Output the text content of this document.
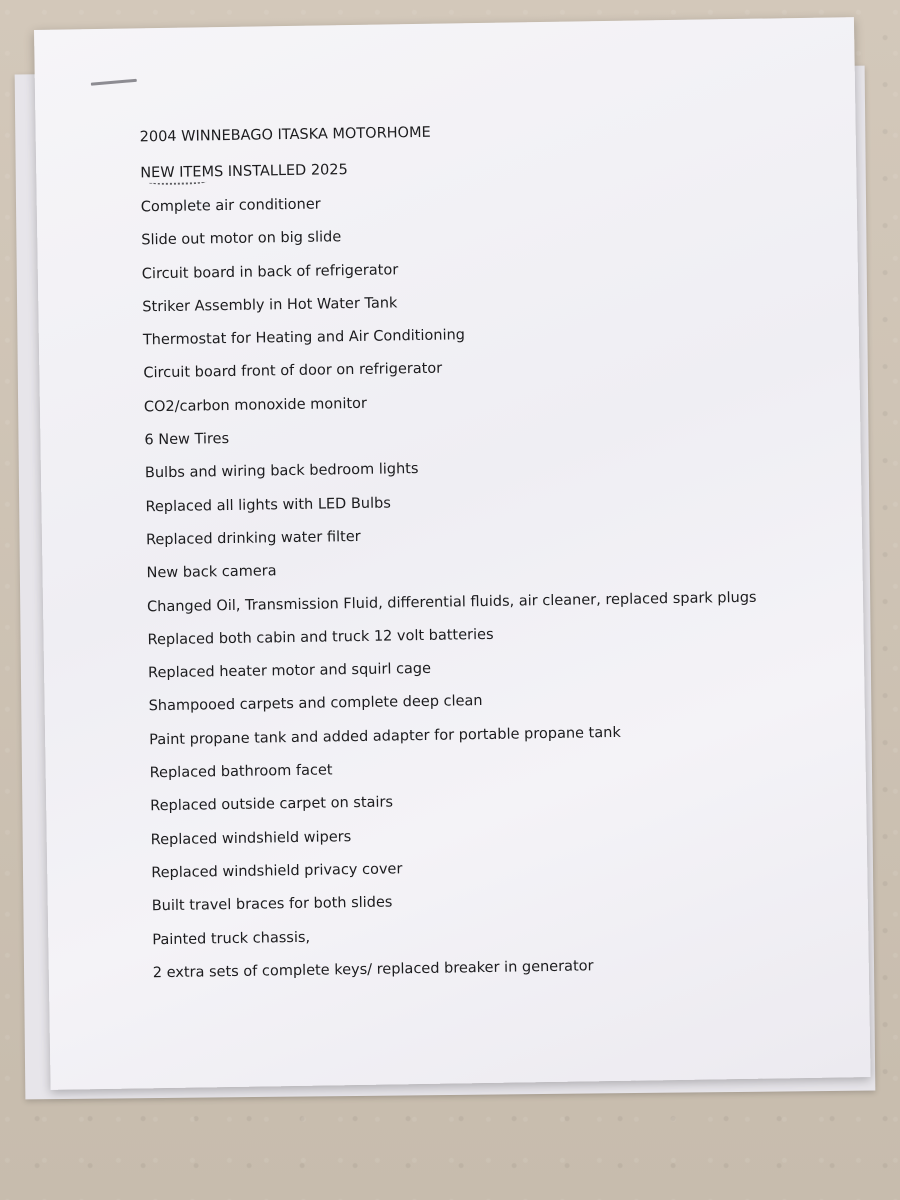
2004 WINNEBAGO ITASKA MOTORHOME

NEW ITEMS INSTALLED 2025

Complete air conditioner
Slide out motor on big slide
Circuit board in back of refrigerator
Striker Assembly in Hot Water Tank
Thermostat for Heating and Air Conditioning
Circuit board front of door on refrigerator
CO2/carbon monoxide monitor
6 New Tires
Bulbs and wiring back bedroom lights
Replaced all lights with LED Bulbs
Replaced drinking water filter
New back camera
Changed Oil, Transmission Fluid, differential fluids, air cleaner, replaced spark plugs
Replaced both cabin and truck 12 volt batteries
Replaced heater motor and squirl cage
Shampooed carpets and complete deep clean
Paint propane tank and added adapter for portable propane tank
Replaced bathroom facet
Replaced outside carpet on stairs
Replaced windshield wipers
Replaced windshield privacy cover
Built travel braces for both slides
Painted truck chassis,
2 extra sets of complete keys/ replaced breaker in generator
